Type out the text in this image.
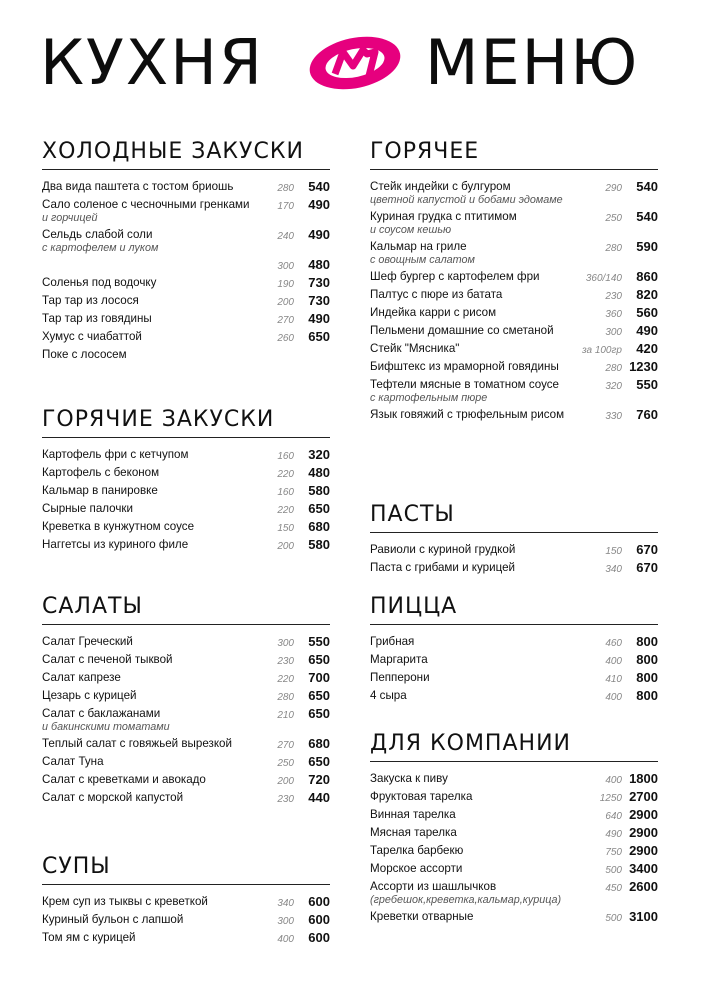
КУХНЯ	МЕНЮ
ХОЛОДНЫЕ ЗАКУСКИ
Два вида паштета с тостом бриошь	280 540
Сало соленое с чесночными гренками
и горчицей
170 490
Сельдь слабой соли
с картофелем и луком
240 490
300 480
Соленья под водочку	190 730
Тар тар из лосося	200 730
Тар тар из говядины	270 490
Хумус с чиабаттой	260 650
Поке с лососем
ГОРЯЧИЕ ЗАКУСКИ
Картофель фри с кетчупом	160 320
Картофель с беконом	220 480
Кальмар в панировке	160 580
Сырные палочки	220 650
Креветка в кунжутном соусе	150 680
Наггетсы из куриного филе	200 580
САЛАТЫ
Салат Греческий	300 550
Салат с печеной тыквой	230 650
Салат капрезе	220 700
Цезарь с курицей	280 650
Салат с баклажанами
и бакинскими томатами
210 650
Теплый салат с говяжьей вырезкой	270 680
Салат Туна	250 650
Салат с креветками и авокадо	200 720
Салат с морской капустой	230 440
СУПЫ
Крем суп из тыквы с креветкой	340 600
Куриный бульон с лапшой	300 600
Том ям с курицей	400 600
ГОРЯЧЕЕ
Стейк индейки с булгуром
цветной капустой и бобами эдомаме
290 540
Куриная грудка с птитимом
и соусом кешью
250 540
Кальмар на гриле
с овощным салатом
280 590
Шеф бургер с картофелем фри	360/140 860
Палтус с пюре из батата	230 820
Индейка карри с рисом	360 560
Пельмени домашние со сметаной	300 490
Стейк "Мясника"	за 100гр 420
Бифштекс из мраморной говядины	280 1230
Тефтели мясные в томатном соусе
с картофельным пюре
320 550
Язык говяжий с трюфельным рисом	330 760
ПАСТЫ
Равиоли с куриной грудкой	150 670
Паста с грибами и курицей	340 670
ПИЦЦА
Грибная	460 800
Маргарита	400 800
Пепперони	410 800
4 сыра	400 800
ДЛЯ КОМПАНИИ
Закуска к пиву	400 1800
Фруктовая тарелка	1250 2700
Винная тарелка	640 2900
Мясная тарелка	490 2900
Тарелка барбекю	750 2900
Морское ассорти	500 3400
Ассорти из шашлычков
(гребешок,креветка,кальмар,курица)
450 2600
Креветки отварные	500 3100
